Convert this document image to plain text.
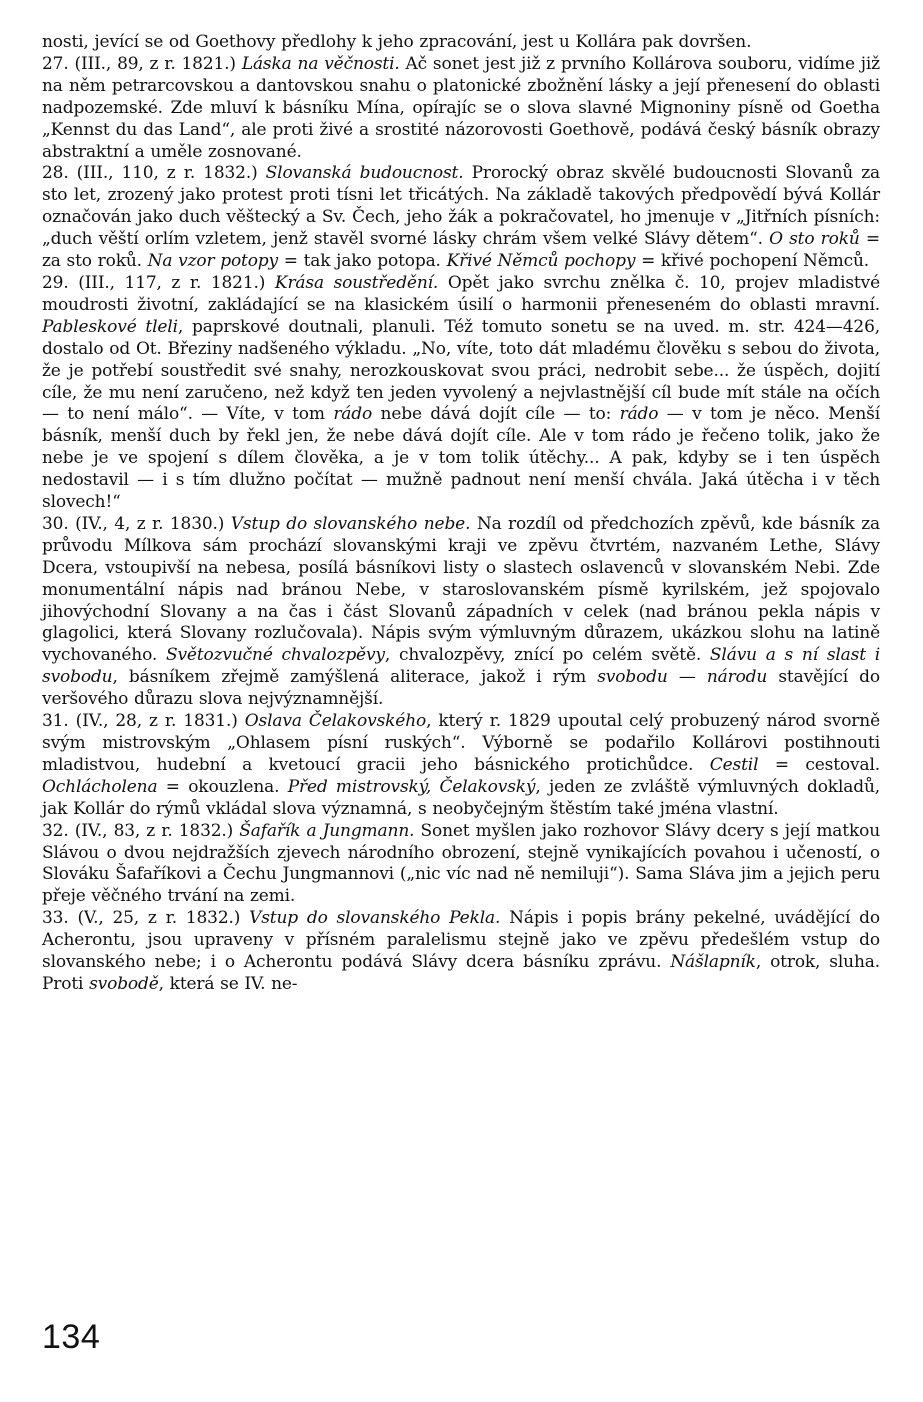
nosti, jevící se od Goethovy předlohy k jeho zpracování, jest u Kollára pak dovršen.

27. (III., 89, z r. 1821.) Láska na věčnosti. Ač sonet jest již z prvního Kollárova souboru, vidíme již na něm petrarcovskou a dantovskou snahu o platonické zbožnění lásky a její přenesení do oblasti nadpozemské. Zde mluví k básníku Mína, opírajíc se o slova slavné Mignoniny písně od Goetha „Kennst du das Land“, ale proti živé a srostité názorovosti Goethově, podává český básník obrazy abstraktní a uměle zosnované.

28. (III., 110, z r. 1832.) Slovanská budoucnost. Prorocký obraz skvělé budoucnosti Slovanů za sto let, zrozený jako protest proti tísni let třicátých. Na základě takových předpovědí bývá Kollár označován jako duch věštecký a Sv. Čech, jeho žák a pokračovatel, ho jmenuje v „Jitřních písních: „duch věští orlím vzletem, jenž stavěl svorné lásky chrám všem velké Slávy dětem“. O sto roků = za sto roků. Na vzor potopy = tak jako potopa. Křivé Němců pochopy = křivé pochopení Němců.

29. (III., 117, z r. 1821.) Krása soustředění. Opět jako svrchu znělka č. 10, projev mladistvé moudrosti životní, zakládající se na klasickém úsilí o harmonii přeneseném do oblasti mravní. Pableskové tleli, paprskové doutnali, planuli. Též tomuto sonetu se na uved. m. str. 424—426, dostalo od Ot. Březiny nadšeného výkladu. „No, víte, toto dát mladému člověku s sebou do života, že je potřebí soustředit své snahy, nerozkouskovat svou práci, nedrobit sebe... že úspěch, dojití cíle, že mu není zaručeno, než když ten jeden vyvolený a nejvlastnější cíl bude mít stále na očích — to není málo“. — Víte, v tom rádo nebe dává dojít cíle — to: rádo — v tom je něco. Menší básník, menší duch by řekl jen, že nebe dává dojít cíle. Ale v tom rádo je řečeno tolik, jako že nebe je ve spojení s dílem člověka, a je v tom tolik útěchy... A pak, kdyby se i ten úspěch nedostavil — i s tím dlužno počítat — mužně padnout není menší chvála. Jaká útěcha i v těch slovech!“

30. (IV., 4, z r. 1830.) Vstup do slovanského nebe. Na rozdíl od předchozích zpěvů, kde básník za průvodu Mílkova sám prochází slovanskými kraji ve zpěvu čtvrtém, nazvaném Lethe, Slávy Dcera, vstoupivší na nebesa, posílá básníkovi listy o slastech oslavenců v slovanském Nebi. Zde monumentální nápis nad bránou Nebe, v staroslovanském písmě kyrilském, jež spojovalo jihovýchodní Slovany a na čas i část Slovanů západních v celek (nad bránou pekla nápis v glagolici, která Slovany rozlučovala). Nápis svým výmluvným důrazem, ukázkou slohu na latině vychovaného. Světozvučné chvalozpěvy, chvalozpěvy, znící po celém světě. Slávu a s ní slast i svobodu, básníkem zřejmě zamýšlená aliterace, jakož i rým svobodu — národu stavějící do veršového důrazu slova nejvýznamnější.

31. (IV., 28, z r. 1831.) Oslava Čelakovského, který r. 1829 upoutal celý probuzený národ svorně svým mistrovským „Ohlasem písní ruských“. Výborně se podařilo Kollárovi postihnouti mladistvou, hudební a kvetoucí gracii jeho básnického protichůdce. Cestil = cestoval. Ochlácholena = okouzlena. Před mistrovský, Čelakovský, jeden ze zvláště výmluvných dokladů, jak Kollár do rýmů vkládal slova významná, s neobyčejným štěstím také jména vlastní.

32. (IV., 83, z r. 1832.) Šafařík a Jungmann. Sonet myšlen jako rozhovor Slávy dcery s její matkou Slávou o dvou nejdražších zjevech národního obrození, stejně vynikajících povahou i učeností, o Slováku Šafaříkovi a Čechu Jungmannovi („nic víc nad ně nemiluji“). Sama Sláva jim a jejich peru přeje věčného trvání na zemi.

33. (V., 25, z r. 1832.) Vstup do slovanského Pekla. Nápis i popis brány pekelné, uvádějící do Acherontu, jsou upraveny v přísném paralelismu stejně jako ve zpěvu předešlém vstup do slovanského nebe; i o Acherontu podává Slávy dcera básníku zprávu. Nášlapník, otrok, sluha. Proti svobodě, která se IV. ne-

134
